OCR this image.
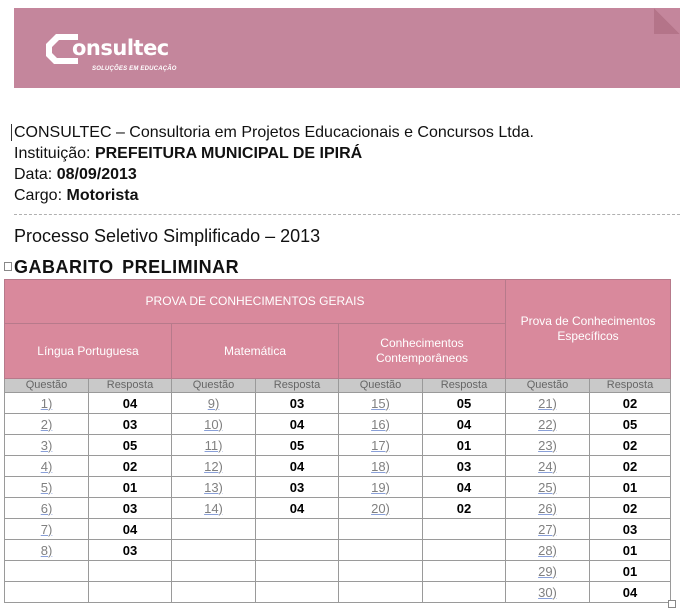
onsultec
SOLUÇÕES EM EDUCAÇÃO
CONSULTEC – Consultoria em Projetos Educacionais e Concursos Ltda.
Instituição: PREFEITURA MUNICIPAL DE IPIRÁ
Data: 08/09/2013
Cargo: Motorista
Processo Seletivo Simplificado – 2013
GABARITO PRELIMINAR
PROVA DE CONHECIMENTOS GERAIS						Prova de Conhecimentos Específicos	
Língua Portuguesa		Matemática		Conhecimentos Contemporâneos			
Questão	Resposta	Questão	Resposta	Questão	Resposta	Questão	Resposta
1)	04	9)	03	15)	05	21)	02
2)	03	10)	04	16)	04	22)	05
3)	05	11)	05	17)	01	23)	02
4)	02	12)	04	18)	03	24)	02
5)	01	13)	03	19)	04	25)	01
6)	03	14)	04	20)	02	26)	02
7)	04					27)	03
8)	03					28)	01
						29)	01
						30)	04
